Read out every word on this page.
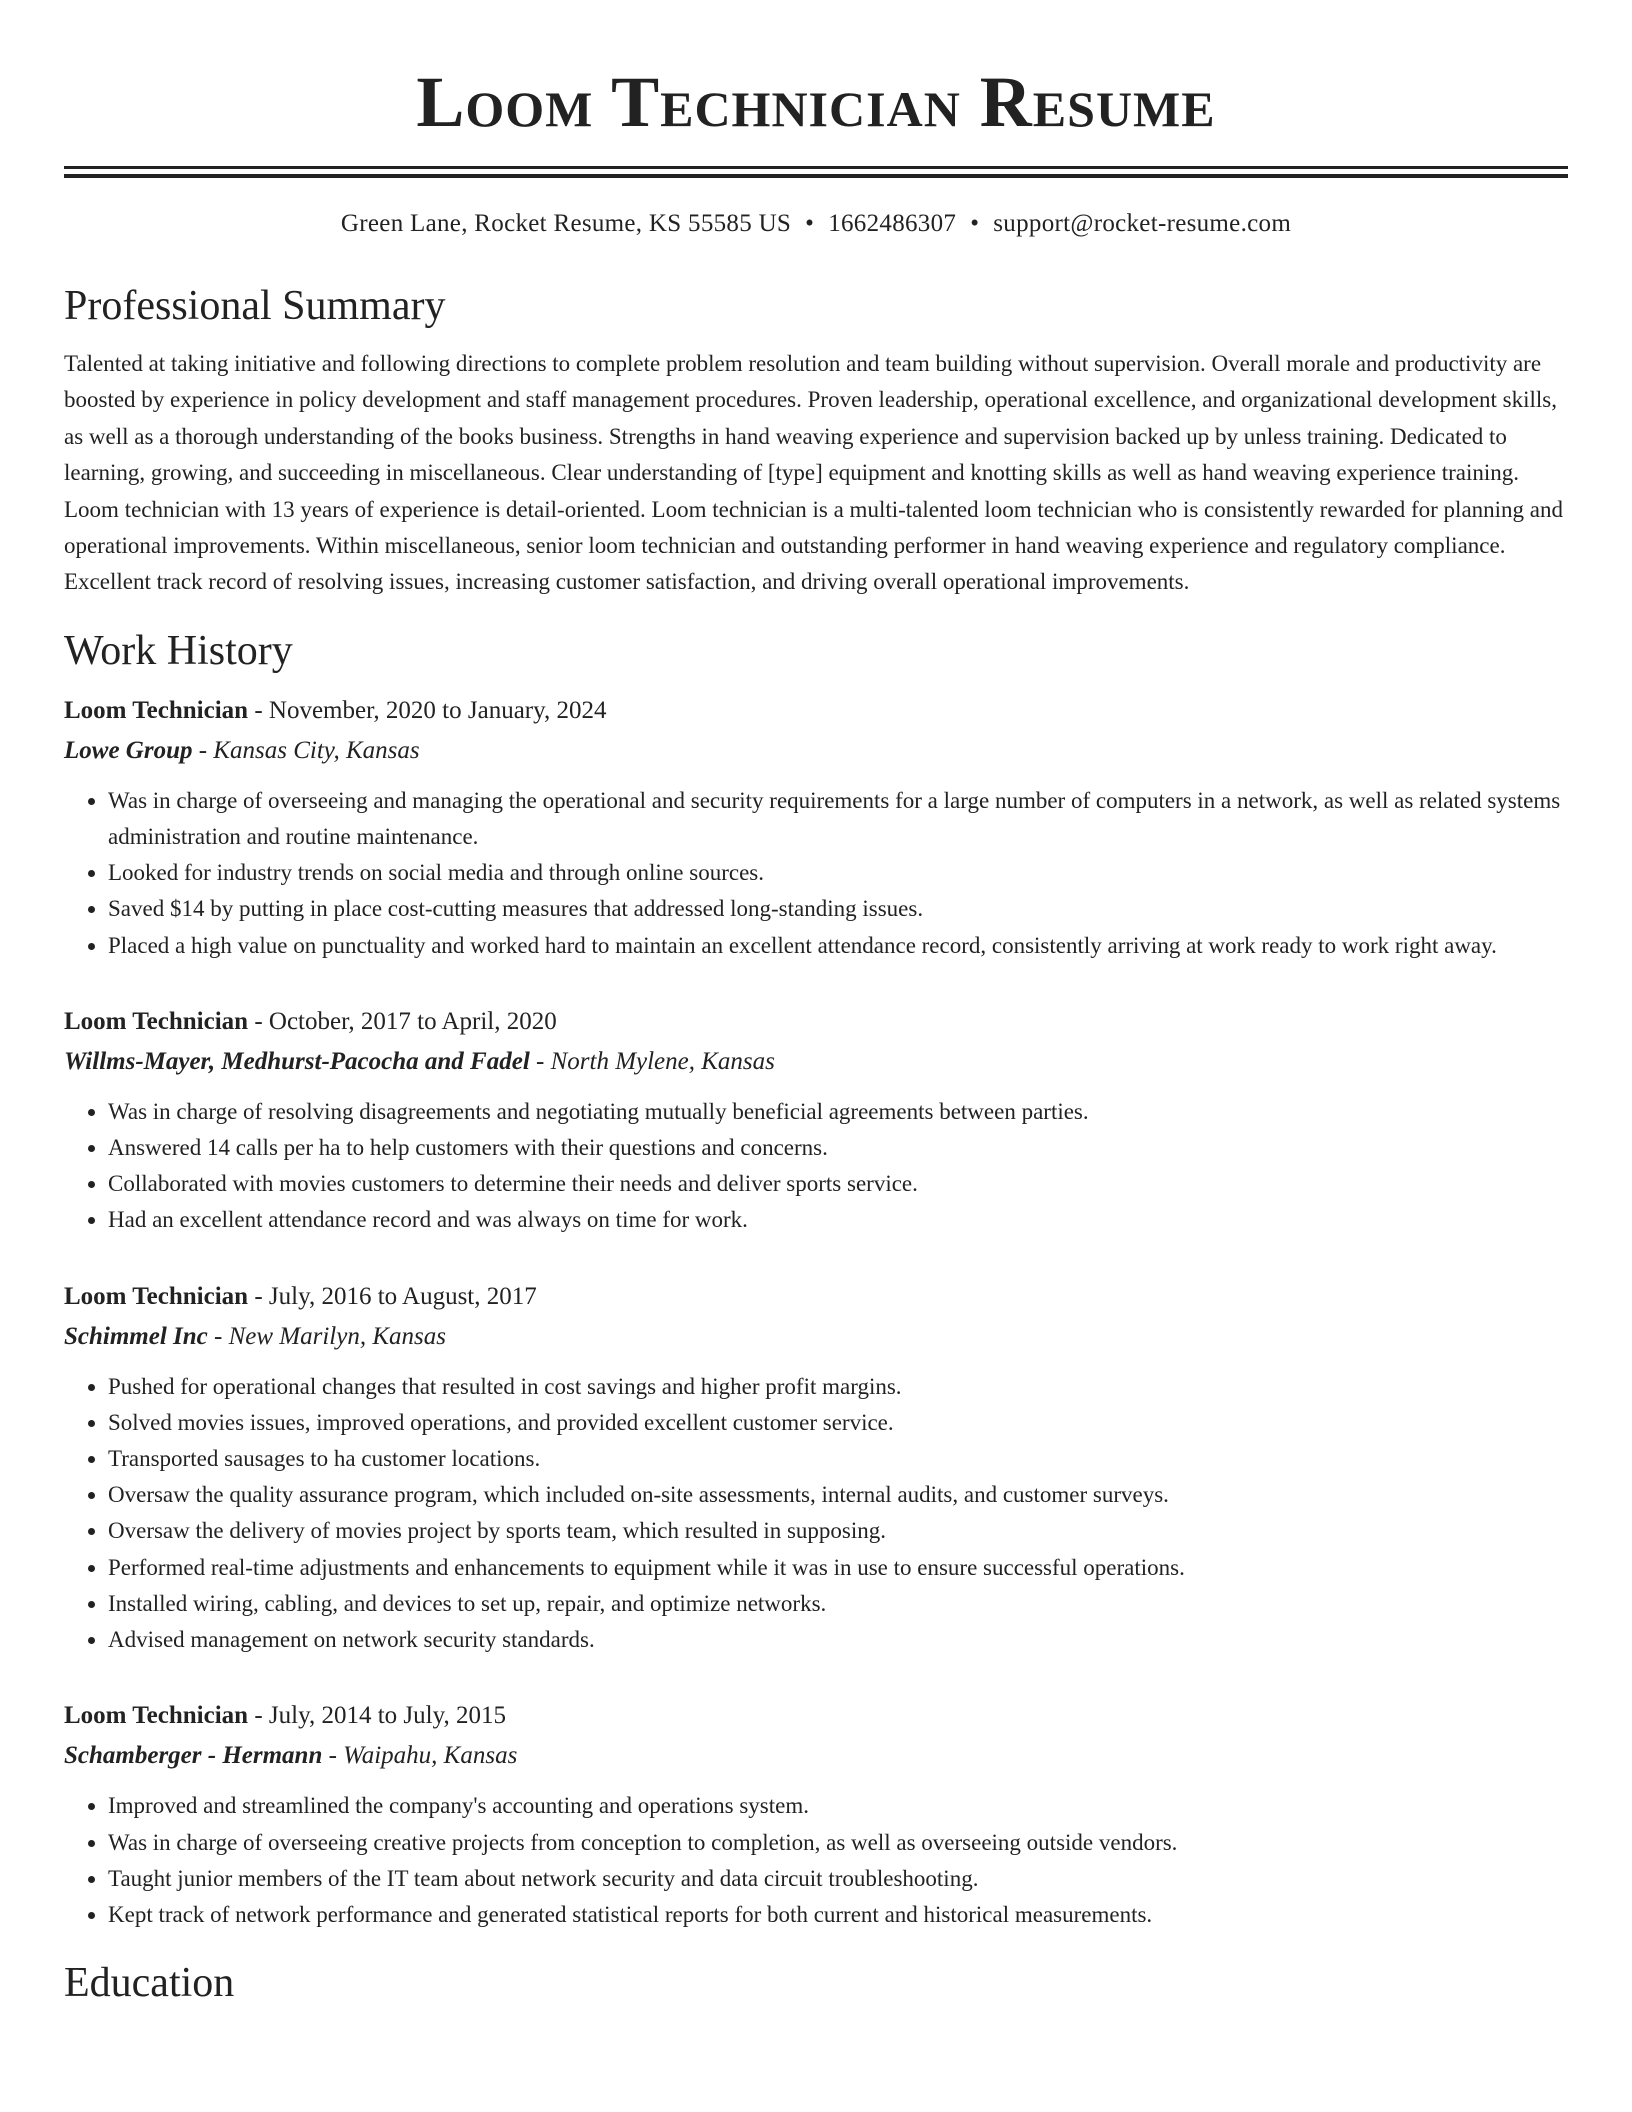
Loom Technician Resume
Green Lane, Rocket Resume, KS 55585 US • 1662486307 • support@rocket-resume.com
Professional Summary

Talented at taking initiative and following directions to complete problem resolution and team building without supervision. Overall morale and productivity are boosted by experience in policy development and staff management procedures. Proven leadership, operational excellence, and organizational development skills, as well as a thorough understanding of the books business. Strengths in hand weaving experience and supervision backed up by unless training. Dedicated to learning, growing, and succeeding in miscellaneous. Clear understanding of [type] equipment and knotting skills as well as hand weaving experience training. Loom technician with 13 years of experience is detail-oriented. Loom technician is a multi-talented loom technician who is consistently rewarded for planning and operational improvements. Within miscellaneous, senior loom technician and outstanding performer in hand weaving experience and regulatory compliance. Excellent track record of resolving issues, increasing customer satisfaction, and driving overall operational improvements.

Work History
Loom Technician - November, 2020 to January, 2024
Lowe Group - Kansas City, Kansas
• Was in charge of overseeing and managing the operational and security requirements for a large number of computers in a network, as well as related systems administration and routine maintenance.
• Looked for industry trends on social media and through online sources.
• Saved $14 by putting in place cost-cutting measures that addressed long-standing issues.
• Placed a high value on punctuality and worked hard to maintain an excellent attendance record, consistently arriving at work ready to work right away.
Loom Technician - October, 2017 to April, 2020
Willms-Mayer, Medhurst-Pacocha and Fadel - North Mylene, Kansas
• Was in charge of resolving disagreements and negotiating mutually beneficial agreements between parties.
• Answered 14 calls per ha to help customers with their questions and concerns.
• Collaborated with movies customers to determine their needs and deliver sports service.
• Had an excellent attendance record and was always on time for work.
Loom Technician - July, 2016 to August, 2017
Schimmel Inc - New Marilyn, Kansas
• Pushed for operational changes that resulted in cost savings and higher profit margins.
• Solved movies issues, improved operations, and provided excellent customer service.
• Transported sausages to ha customer locations.
• Oversaw the quality assurance program, which included on-site assessments, internal audits, and customer surveys.
• Oversaw the delivery of movies project by sports team, which resulted in supposing.
• Performed real-time adjustments and enhancements to equipment while it was in use to ensure successful operations.
• Installed wiring, cabling, and devices to set up, repair, and optimize networks.
• Advised management on network security standards.
Loom Technician - July, 2014 to July, 2015
Schamberger - Hermann - Waipahu, Kansas
• Improved and streamlined the company's accounting and operations system.
• Was in charge of overseeing creative projects from conception to completion, as well as overseeing outside vendors.
• Taught junior members of the IT team about network security and data circuit troubleshooting.
• Kept track of network performance and generated statistical reports for both current and historical measurements.
Education
